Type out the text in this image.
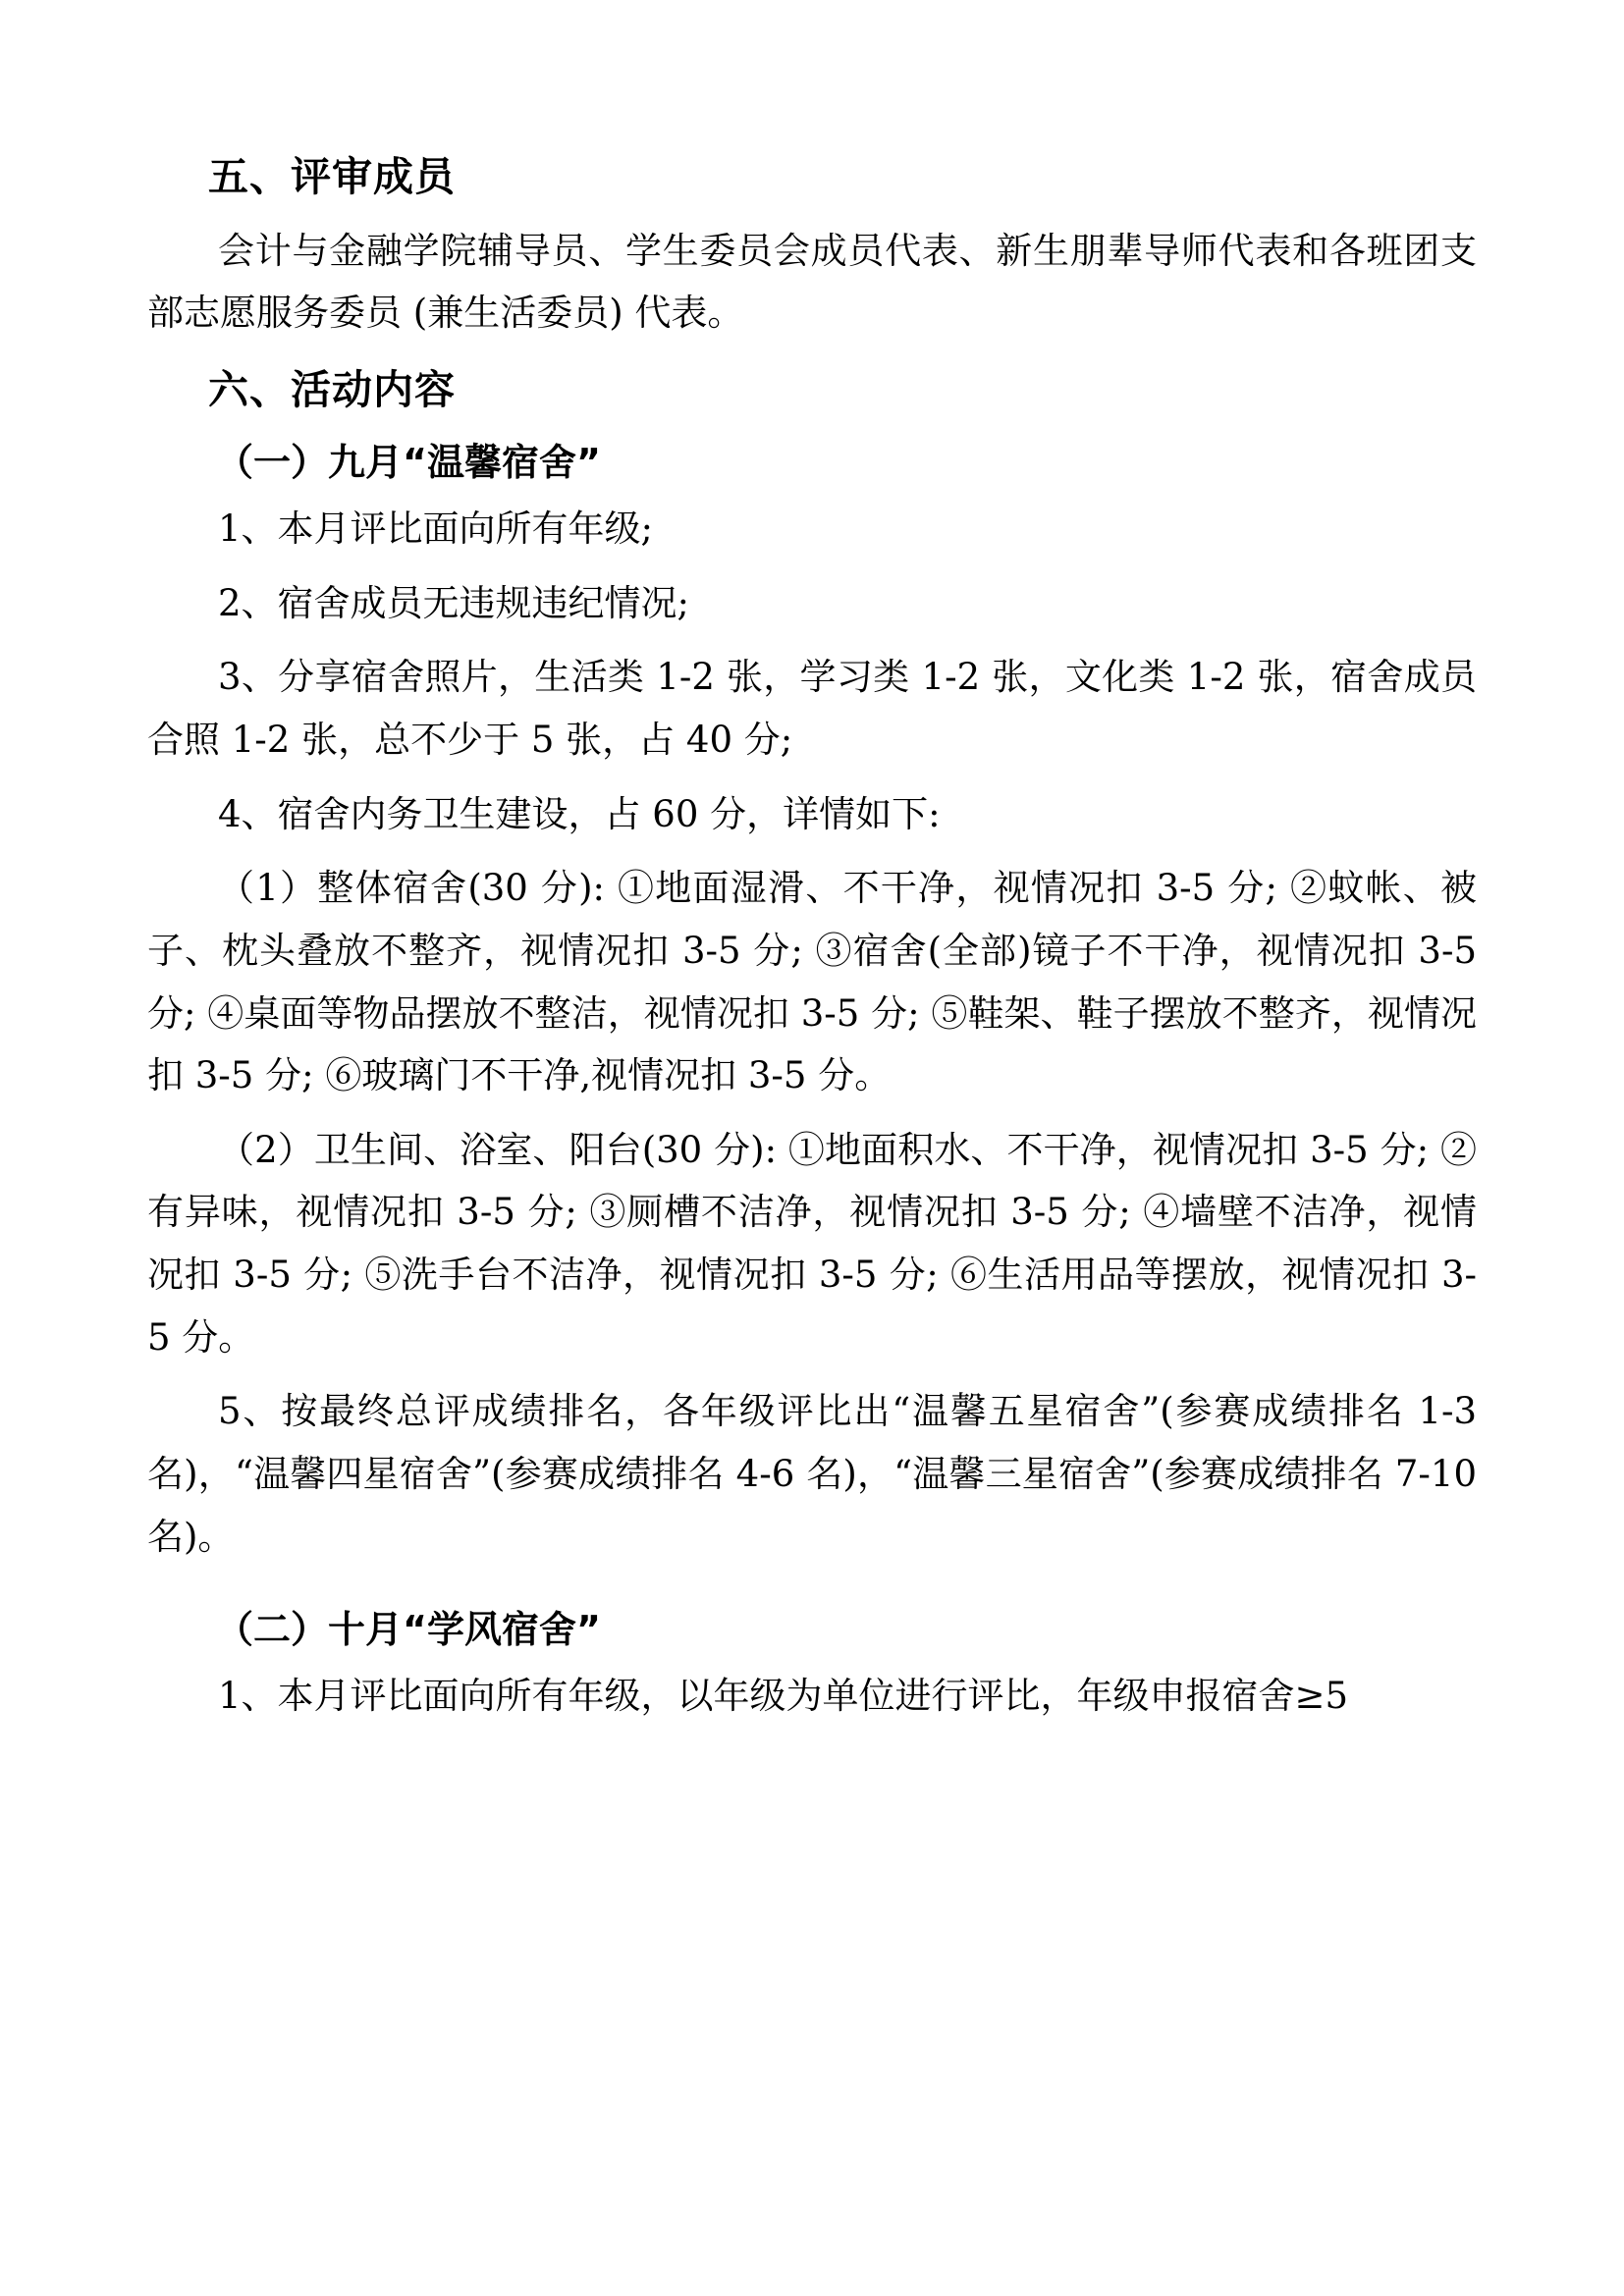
五、评审成员

会计与金融学院辅导员、学生委员会成员代表、新生朋辈导师代表和各班团支部志愿服务委员 (兼生活委员) 代表。

六、活动内容
（一）九月“温馨宿舍”

1、本月评比面向所有年级;

2、宿舍成员无违规违纪情况;

3、分享宿舍照片，生活类 1-2 张，学习类 1-2 张，文化类 1-2 张，宿舍成员合照 1-2 张，总不少于 5 张，占 40 分;

4、宿舍内务卫生建设，占 60 分，详情如下:

（1）整体宿舍(30 分): ①地面湿滑、不干净，视情况扣 3-5 分; ②蚊帐、被子、枕头叠放不整齐，视情况扣 3-5 分; ③宿舍(全部)镜子不干净，视情况扣 3-5 分; ④桌面等物品摆放不整洁，视情况扣 3-5 分; ⑤鞋架、鞋子摆放不整齐，视情况扣 3-5 分; ⑥玻璃门不干净,视情况扣 3-5 分。

（2）卫生间、浴室、阳台(30 分): ①地面积水、不干净，视情况扣 3-5 分; ②有异味，视情况扣 3-5 分; ③厕槽不洁净，视情况扣 3-5 分; ④墙壁不洁净，视情况扣 3-5 分; ⑤洗手台不洁净，视情况扣 3-5 分; ⑥生活用品等摆放，视情况扣 3-5 分。

5、按最终总评成绩排名，各年级评比出“温馨五星宿舍”(参赛成绩排名 1-3 名)，“温馨四星宿舍”(参赛成绩排名 4-6 名)，“温馨三星宿舍”(参赛成绩排名 7-10 名)。

（二）十月“学风宿舍”

1、本月评比面向所有年级，以年级为单位进行评比，年级申报宿舍≥5
